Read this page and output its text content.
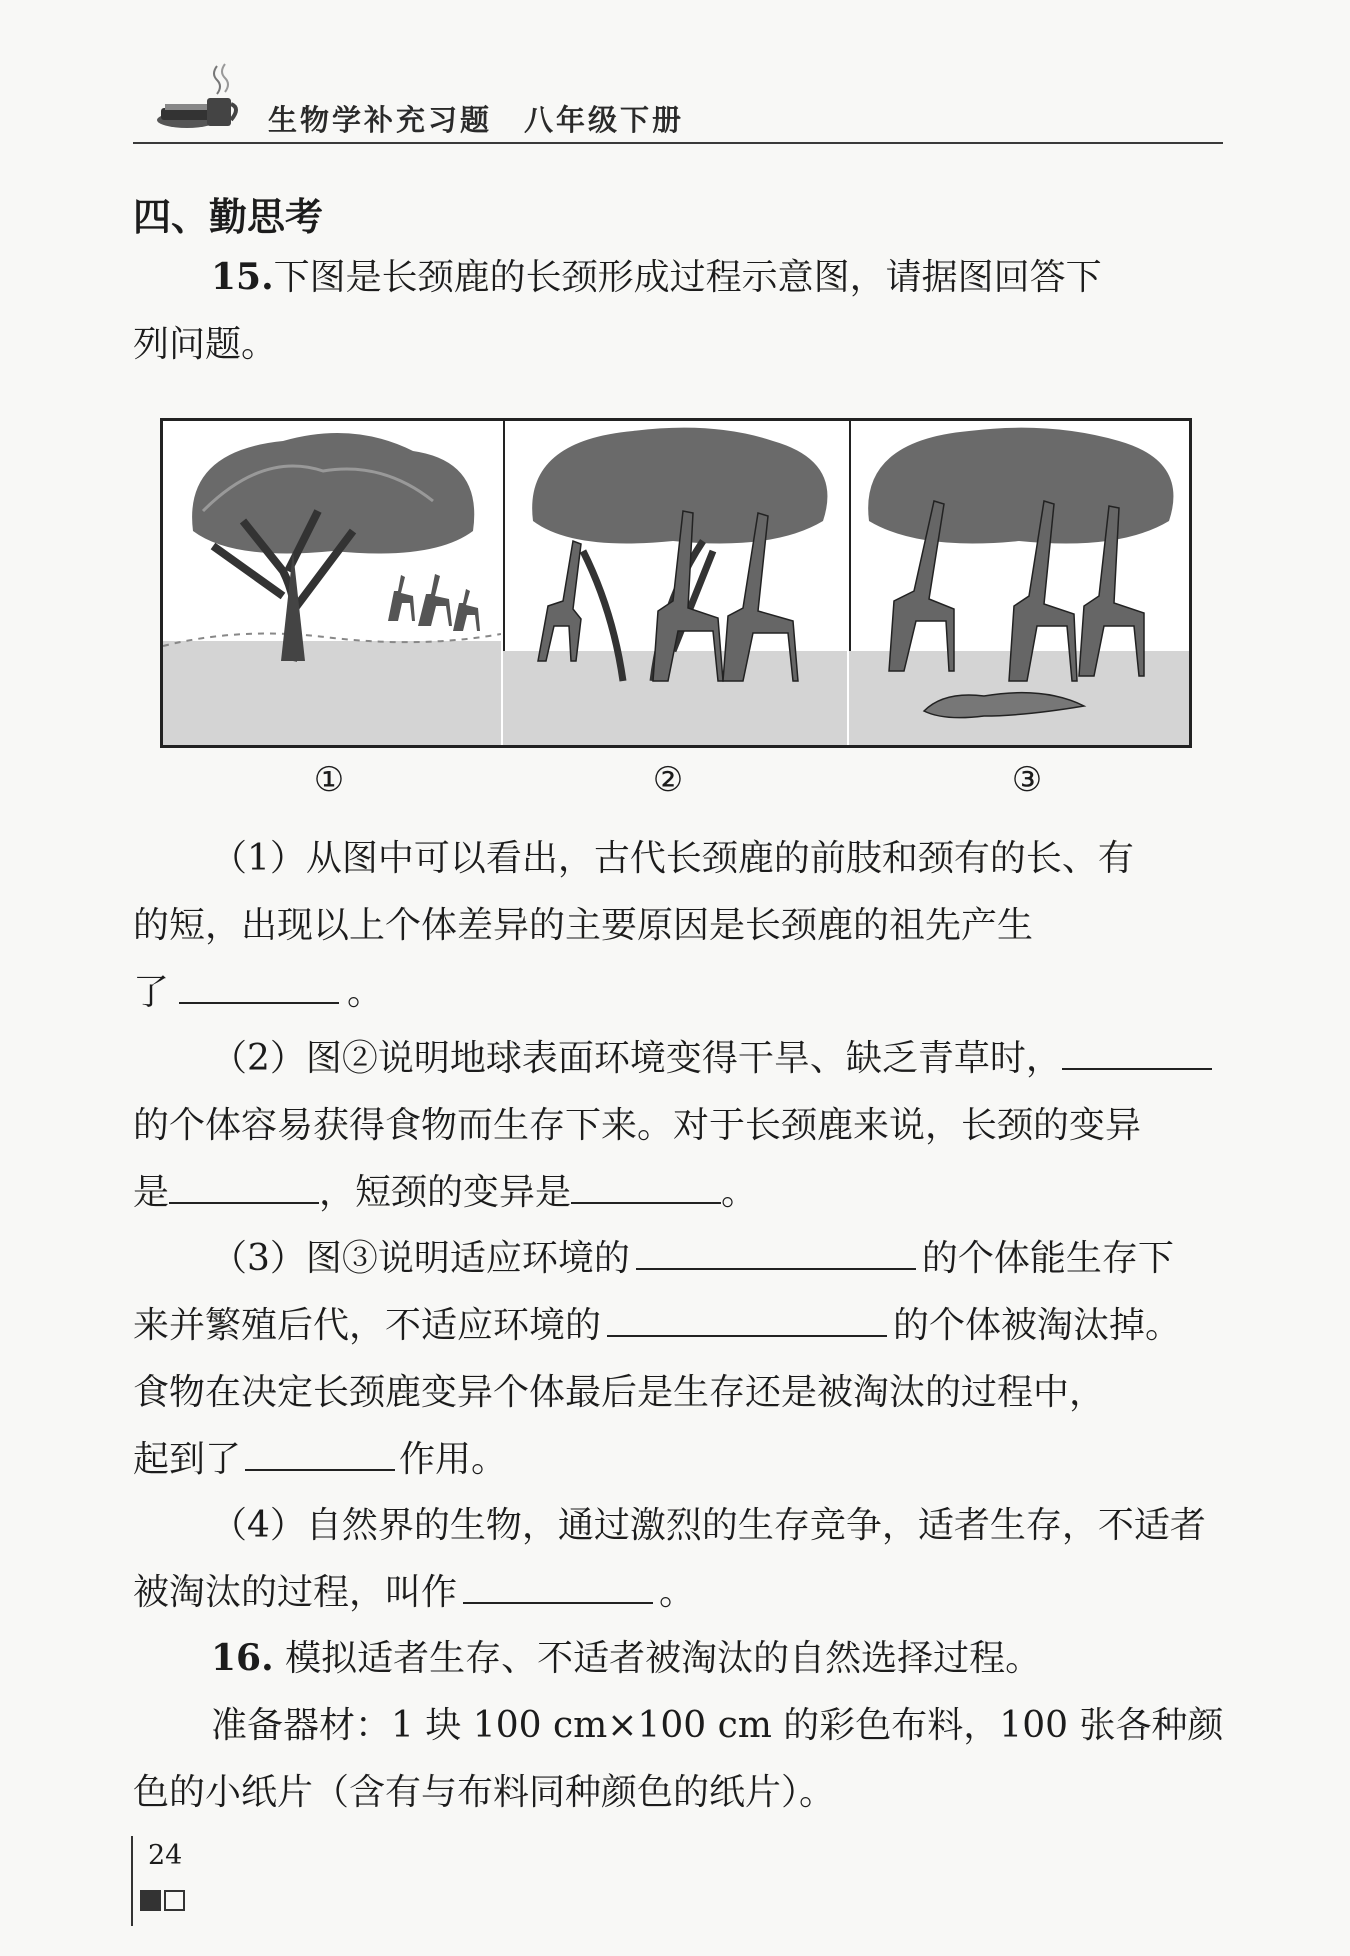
生物学补充习题　八年级下册
四、勤思考
15.下图是长颈鹿的长颈形成过程示意图，请据图回答下
列问题。
①	②	③
（1）从图中可以看出，古代长颈鹿的前肢和颈有的长、有
的短，出现以上个体差异的主要原因是长颈鹿的祖先产生
了	。
（2）图②说明地球表面环境变得干旱、缺乏青草时，
的个体容易获得食物而生存下来。对于长颈鹿来说，长颈的变异
是	，短颈的变异是	。
（3）图③说明适应环境的	的个体能生存下
来并繁殖后代，不适应环境的	的个体被淘汰掉。
食物在决定长颈鹿变异个体最后是生存还是被淘汰的过程中，
起到了	作用。
（4）自然界的生物，通过激烈的生存竞争，适者生存，不适者
被淘汰的过程，叫作	。
16. 模拟适者生存、不适者被淘汰的自然选择过程。
准备器材：1 块 100 cm×100 cm 的彩色布料，100 张各种颜
色的小纸片（含有与布料同种颜色的纸片）。
24
